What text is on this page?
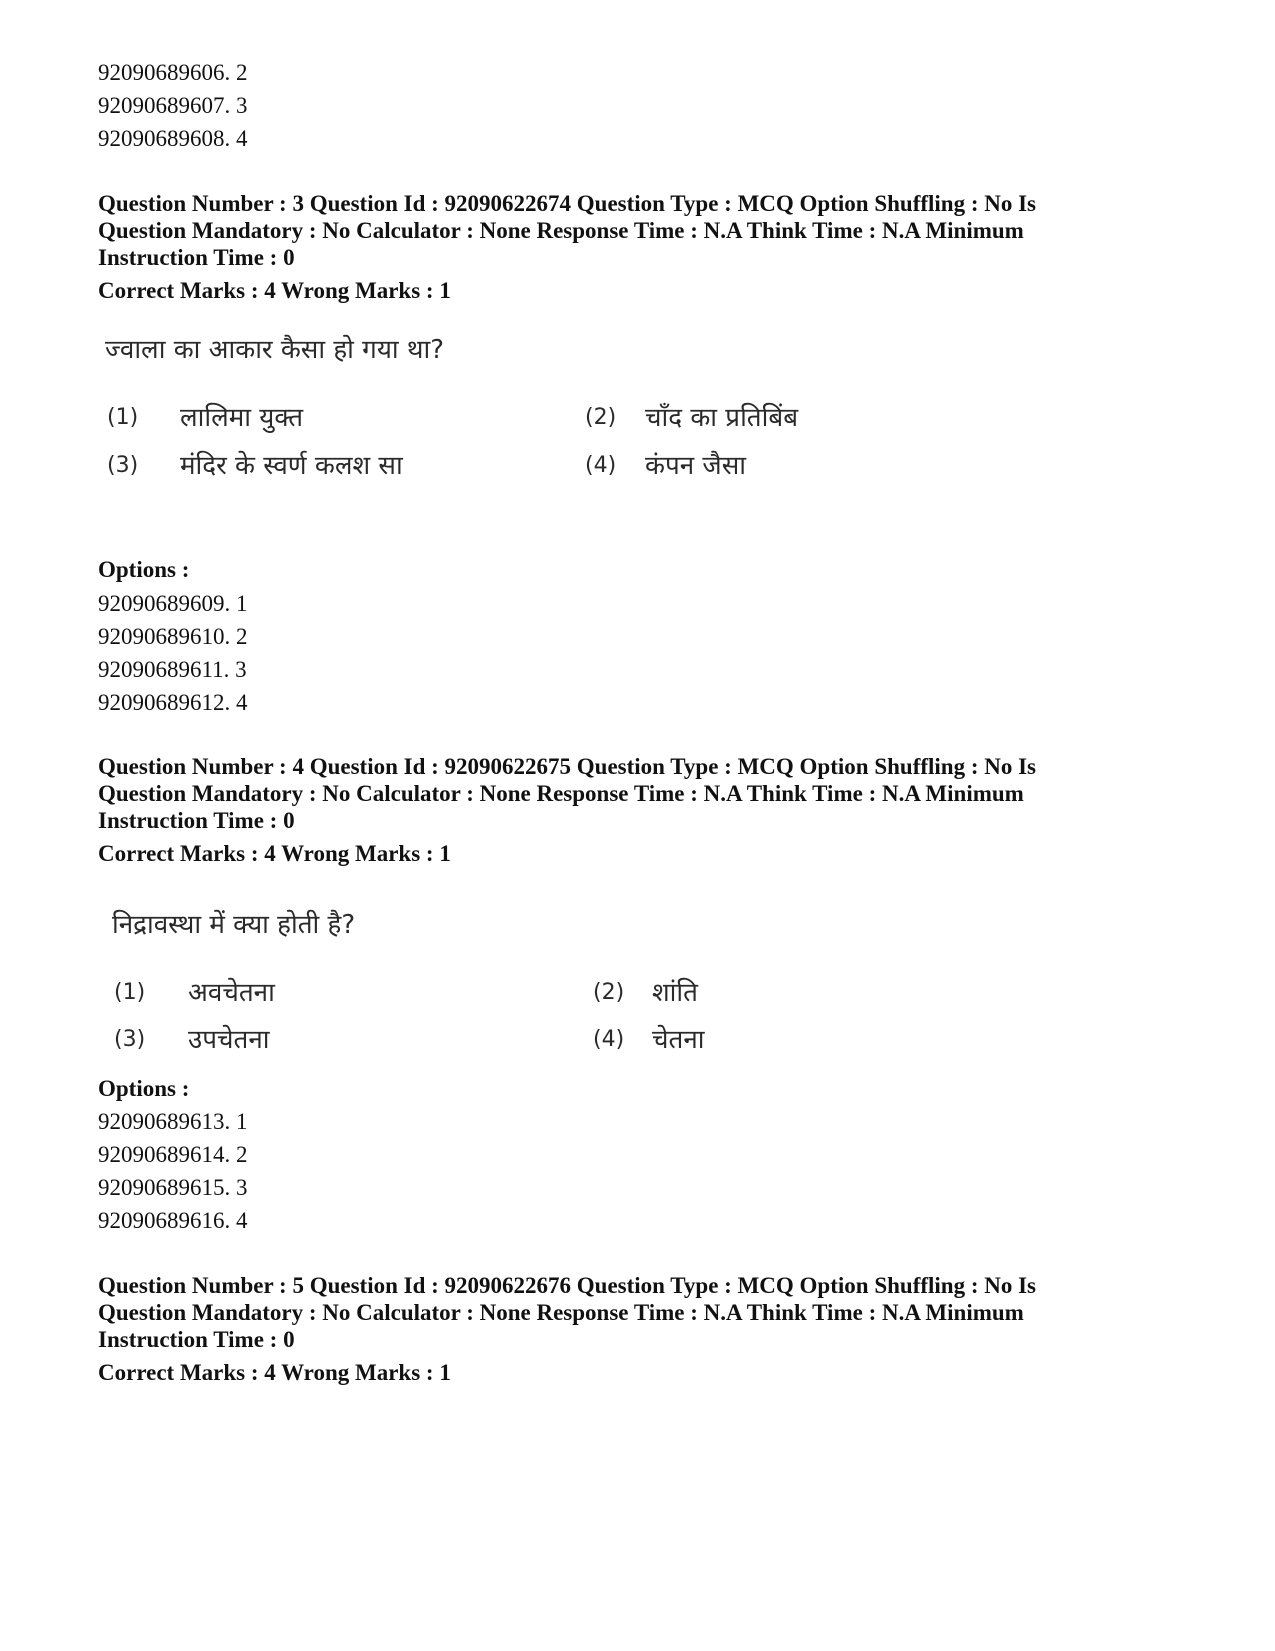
92090689606. 2
92090689607. 3
92090689608. 4
Question Number : 3 Question Id : 92090622674 Question Type : MCQ Option Shuffling : No Is
Question Mandatory : No Calculator : None Response Time : N.A Think Time : N.A Minimum
Instruction Time : 0
Correct Marks : 4 Wrong Marks : 1
ज्वाला का आकार कैसा हो गया था?
(1) लालिमा युक्त	(2) चाँद का प्रतिबिंब
(3) मंदिर के स्वर्ण कलश सा	(4) कंपन जैसा
Options :
92090689609. 1
92090689610. 2
92090689611. 3
92090689612. 4
Question Number : 4 Question Id : 92090622675 Question Type : MCQ Option Shuffling : No Is
Question Mandatory : No Calculator : None Response Time : N.A Think Time : N.A Minimum
Instruction Time : 0
Correct Marks : 4 Wrong Marks : 1
निद्रावस्था में क्या होती है?
(1) अवचेतना	(2) शांति
(3) उपचेतना	(4) चेतना
Options :
92090689613. 1
92090689614. 2
92090689615. 3
92090689616. 4
Question Number : 5 Question Id : 92090622676 Question Type : MCQ Option Shuffling : No Is
Question Mandatory : No Calculator : None Response Time : N.A Think Time : N.A Minimum
Instruction Time : 0
Correct Marks : 4 Wrong Marks : 1
